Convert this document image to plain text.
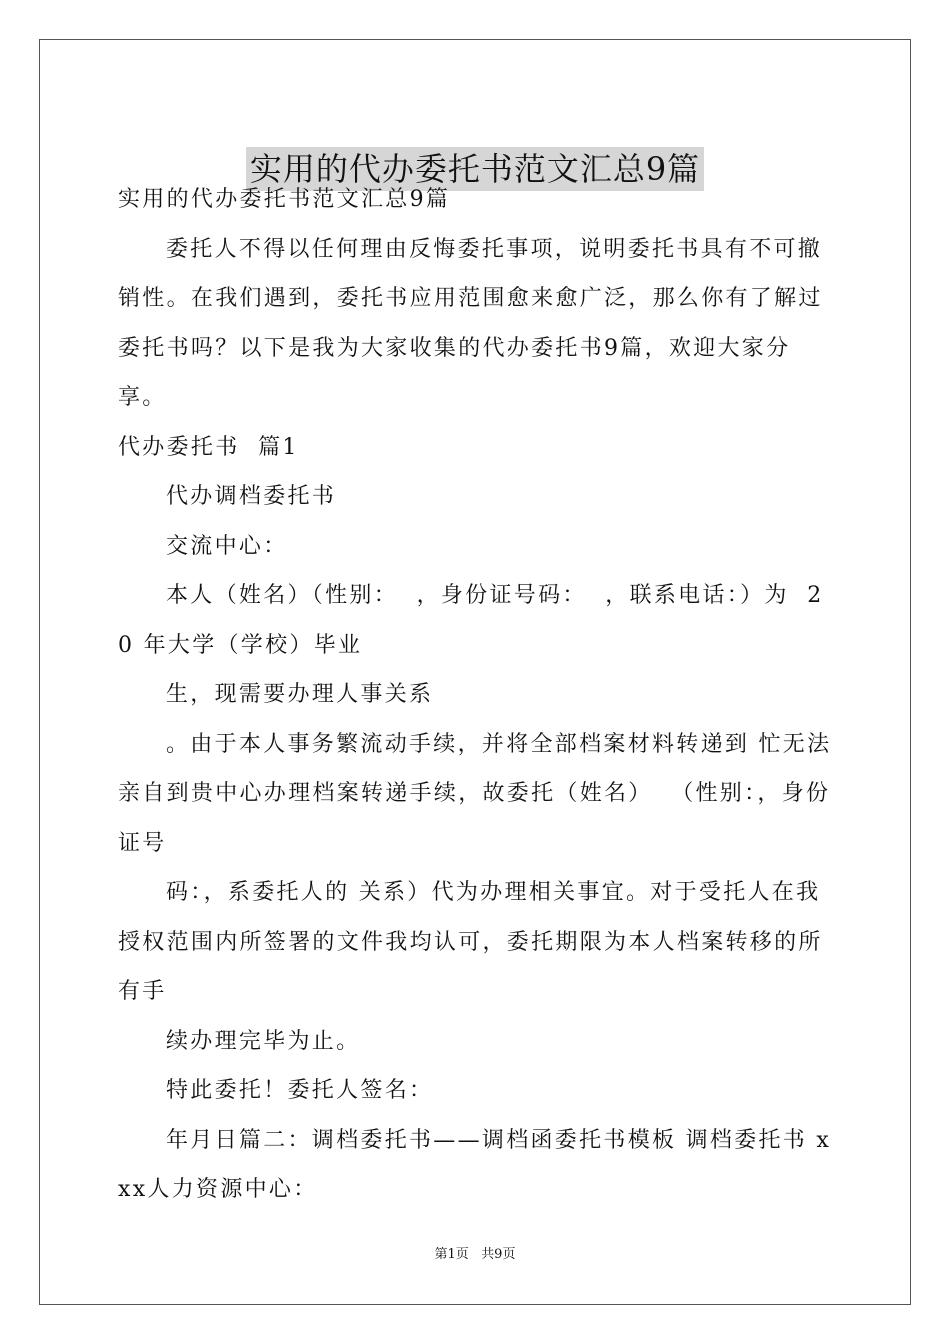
实用的代办委托书范文汇总9篇

实用的代办委托书范文汇总9篇

委托人不得以任何理由反悔委托事项，说明委托书具有不可撤销性。在我们遇到，委托书应用范围愈来愈广泛，那么你有了解过委托书吗？以下是我为大家收集的代办委托书9篇，欢迎大家分享。

代办委托书  篇1

代办调档委托书

交流中心：

本人（姓名）（性别：  ，身份证号码：  ，联系电话：）为  20 年大学（学校）毕业

生，现需要办理人事关系

。由于本人事务繁流动手续，并将全部档案材料转递到 忙无法亲自到贵中心办理档案转递手续，故委托（姓名）  （性别：，身份证号

码：，系委托人的 关系）代为办理相关事宜。对于受托人在我授权范围内所签署的文件我均认可，委托期限为本人档案转移的所有手

续办理完毕为止。

特此委托！委托人签名：

年月日篇二：调档委托书——调档函委托书模板 调档委托书 xxx人力资源中心：

第1页   共9页
